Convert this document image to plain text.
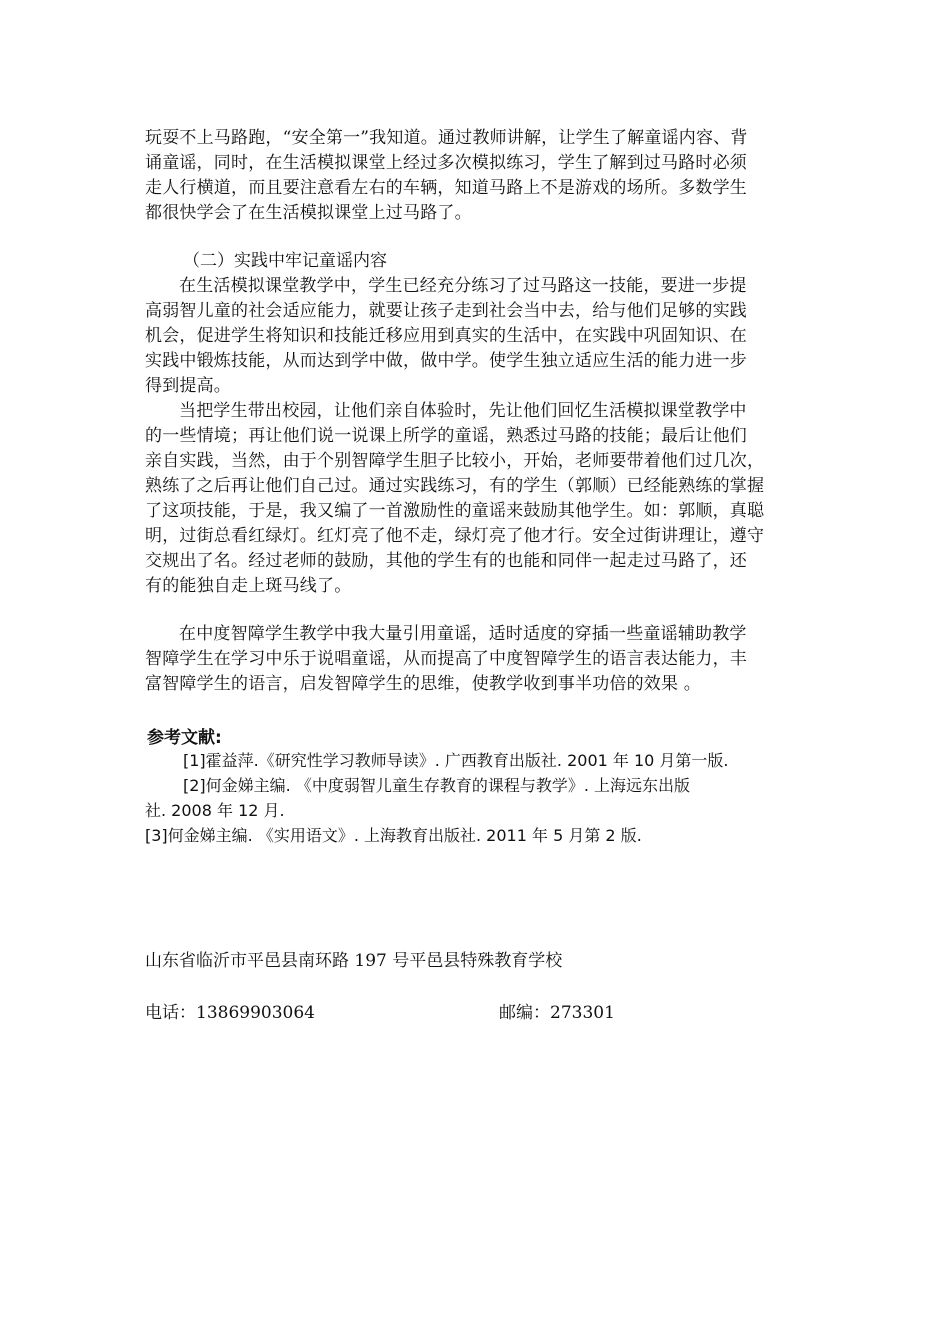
玩耍不上马路跑，“安全第一”我知道。通过教师讲解，让学生了解童谣内容、背
诵童谣，同时，在生活模拟课堂上经过多次模拟练习，学生了解到过马路时必须
走人行横道，而且要注意看左右的车辆，知道马路上不是游戏的场所。多数学生
都很快学会了在生活模拟课堂上过马路了。
（二）实践中牢记童谣内容
在生活模拟课堂教学中，学生已经充分练习了过马路这一技能，要进一步提
高弱智儿童的社会适应能力，就要让孩子走到社会当中去，给与他们足够的实践
机会，促进学生将知识和技能迁移应用到真实的生活中，在实践中巩固知识、在
实践中锻炼技能，从而达到学中做，做中学。使学生独立适应生活的能力进一步
得到提高。
当把学生带出校园，让他们亲自体验时，先让他们回忆生活模拟课堂教学中
的一些情境；再让他们说一说课上所学的童谣，熟悉过马路的技能；最后让他们
亲自实践，当然，由于个别智障学生胆子比较小，开始，老师要带着他们过几次，
熟练了之后再让他们自己过。通过实践练习，有的学生（郭顺）已经能熟练的掌握
了这项技能，于是，我又编了一首激励性的童谣来鼓励其他学生。如：郭顺，真聪
明，过街总看红绿灯。红灯亮了他不走，绿灯亮了他才行。安全过街讲理让，遵守
交规出了名。经过老师的鼓励，其他的学生有的也能和同伴一起走过马路了，还
有的能独自走上斑马线了。
在中度智障学生教学中我大量引用童谣，适时适度的穿插一些童谣辅助教学
智障学生在学习中乐于说唱童谣，从而提高了中度智障学生的语言表达能力，丰
富智障学生的语言，启发智障学生的思维，使教学收到事半功倍的效果 。
参考文献:
[1]霍益萍.《研究性学习教师导读》. 广西教育出版社. 2001 年 10 月第一版.
[2]何金娣主编. 《中度弱智儿童生存教育的课程与教学》. 上海远东出版
社. 2008 年 12 月.
[3]何金娣主编. 《实用语文》. 上海教育出版社. 2011 年 5 月第 2 版.
山东省临沂市平邑县南环路 197 号平邑县特殊教育学校
电话：13869903064	邮编：273301
